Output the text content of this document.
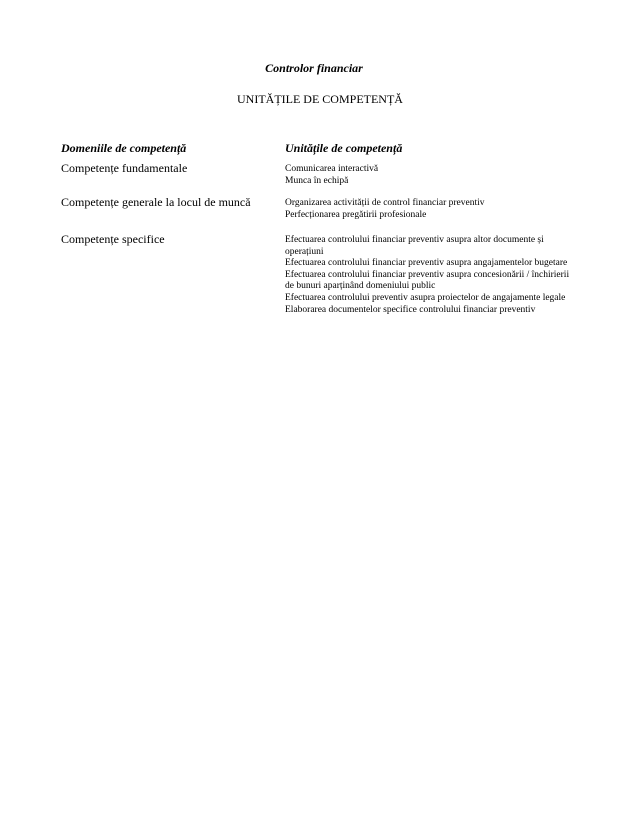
Controlor financiar
UNITĂȚILE DE COMPETENȚĂ
Domeniile de competență	Unitățile de competență
Competențe fundamentale	Comunicarea interactivă
Munca în echipă
Competențe generale la locul de muncă	Organizarea activității de control financiar preventiv
Perfecționarea pregătirii profesionale
Competențe specifice	Efectuarea controlului financiar preventiv asupra altor documente și operațiuni
Efectuarea controlului financiar preventiv asupra angajamentelor bugetare
Efectuarea controlului financiar preventiv asupra concesionării / închirierii de bunuri aparținând domeniului public
Efectuarea controlului preventiv asupra proiectelor de angajamente legale
Elaborarea documentelor specifice controlului financiar preventiv
